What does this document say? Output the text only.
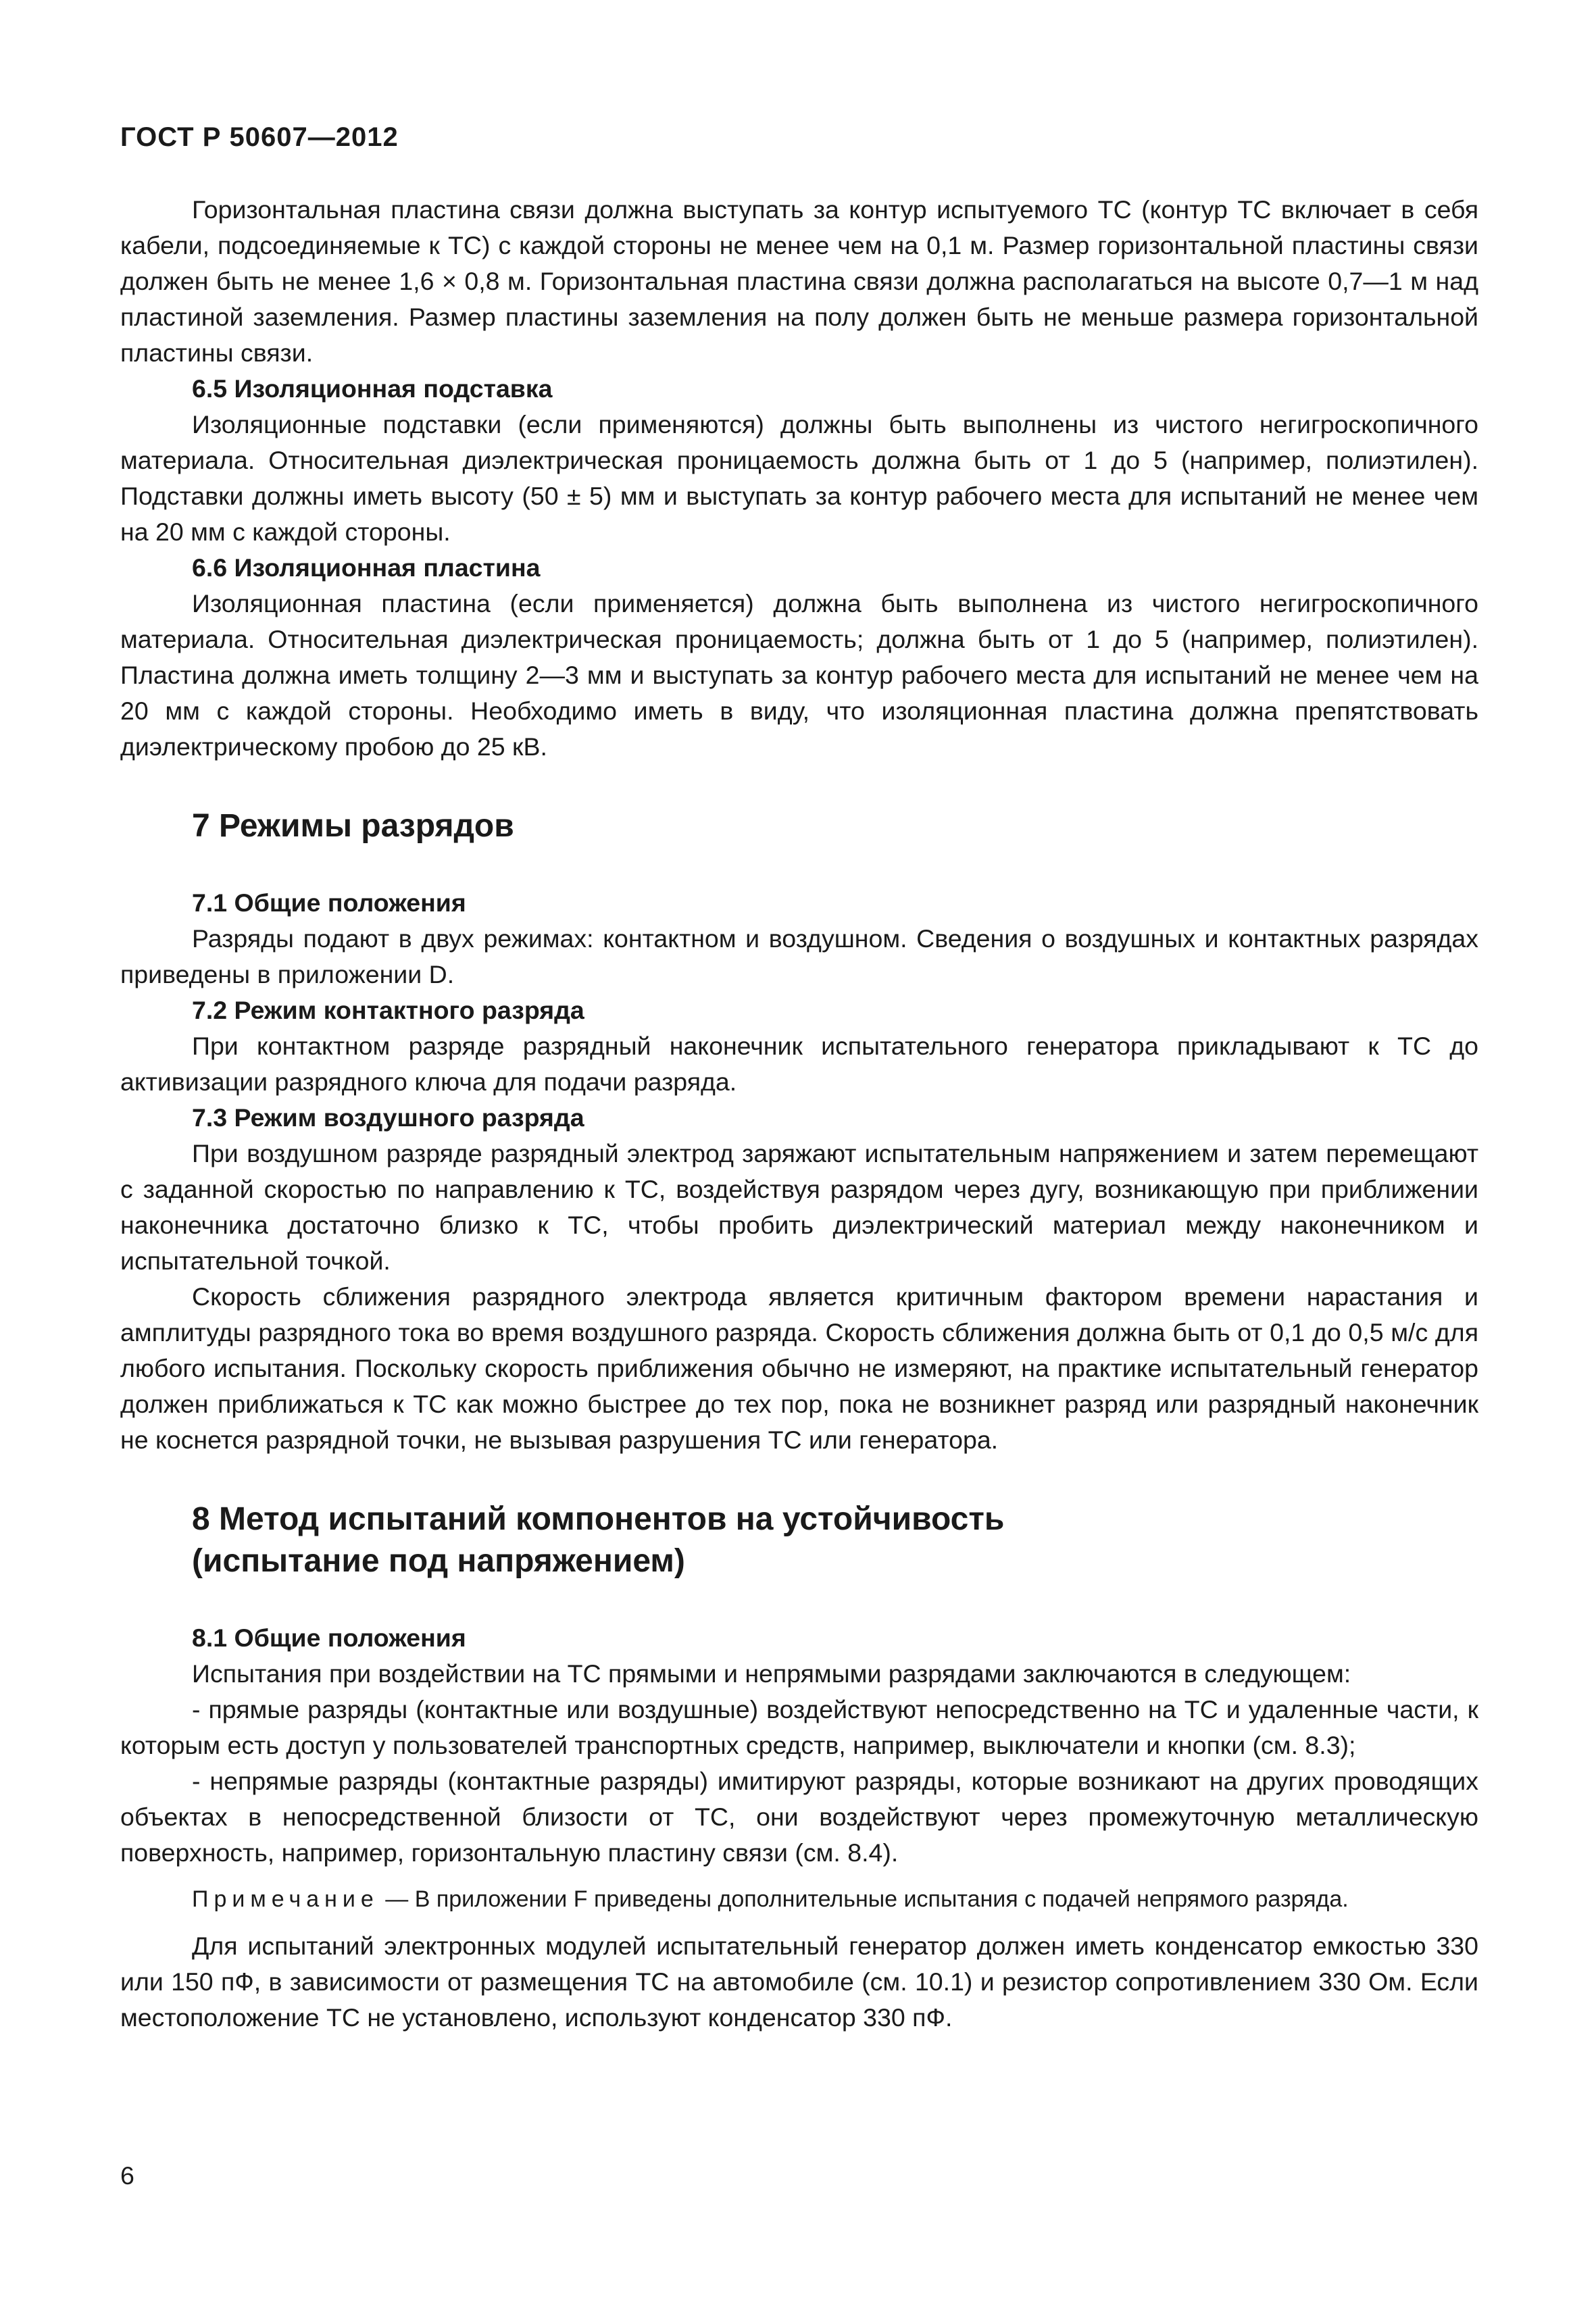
ГОСТ Р 50607—2012

Горизонтальная пластина связи должна выступать за контур испытуемого ТС (контур ТС включает в себя кабели, подсоединяемые к ТС) с каждой стороны не менее чем на 0,1 м. Размер горизонтальной пластины связи должен быть не менее 1,6 × 0,8 м. Горизонтальная пластина связи должна располагаться на высоте 0,7—1 м над пластиной заземления. Размер пластины заземления на полу должен быть не меньше размера горизонтальной пластины связи.

6.5 Изоляционная подставка

Изоляционные подставки (если применяются) должны быть выполнены из чистого негигроскопичного материала. Относительная диэлектрическая проницаемость должна быть от 1 до 5 (например, полиэтилен). Подставки должны иметь высоту (50 ± 5) мм и выступать за контур рабочего места для испытаний не менее чем на 20 мм с каждой стороны.

6.6 Изоляционная пластина

Изоляционная пластина (если применяется) должна быть выполнена из чистого негигроскопичного материала. Относительная диэлектрическая проницаемость; должна быть от 1 до 5 (например, полиэтилен). Пластина должна иметь толщину 2—3 мм и выступать за контур рабочего места для испытаний не менее чем на 20 мм с каждой стороны. Необходимо иметь в виду, что изоляционная пластина должна препятствовать диэлектрическому пробою до 25 кВ.

7 Режимы разрядов
7.1 Общие положения

Разряды подают в двух режимах: контактном и воздушном. Сведения о воздушных и контактных разрядах приведены в приложении D.

7.2 Режим контактного разряда

При контактном разряде разрядный наконечник испытательного генератора прикладывают к ТС до активизации разрядного ключа для подачи разряда.

7.3 Режим воздушного разряда

При воздушном разряде разрядный электрод заряжают испытательным напряжением и затем перемещают с заданной скоростью по направлению к ТС, воздействуя разрядом через дугу, возникающую при приближении наконечника достаточно близко к ТС, чтобы пробить диэлектрический материал между наконечником и испытательной точкой.

Скорость сближения разрядного электрода является критичным фактором времени нарастания и амплитуды разрядного тока во время воздушного разряда. Скорость сближения должна быть от 0,1 до 0,5 м/с для любого испытания. Поскольку скорость приближения обычно не измеряют, на практике испытательный генератор должен приближаться к ТС как можно быстрее до тех пор, пока не возникнет разряд или разрядный наконечник не коснется разрядной точки, не вызывая разрушения ТС или генератора.

8 Метод испытаний компонентов на устойчивость
(испытание под напряжением)
8.1 Общие положения

Испытания при воздействии на ТС прямыми и непрямыми разрядами заключаются в следующем:

- прямые разряды (контактные или воздушные) воздействуют непосредственно на ТС и удаленные части, к которым есть доступ у пользователей транспортных средств, например, выключатели и кнопки (см. 8.3);

- непрямые разряды (контактные разряды) имитируют разряды, которые возникают на других проводящих объектах в непосредственной близости от ТС, они воздействуют через промежуточную металлическую поверхность, например, горизонтальную пластину связи (см. 8.4).

Примечание — В приложении F приведены дополнительные испытания с подачей непрямого разряда.

Для испытаний электронных модулей испытательный генератор должен иметь конденсатор емкостью 330 или 150 пФ, в зависимости от размещения ТС на автомобиле (см. 10.1) и резистор сопротивлением 330 Ом. Если местоположение ТС не установлено, используют конденсатор 330 пФ.

6
